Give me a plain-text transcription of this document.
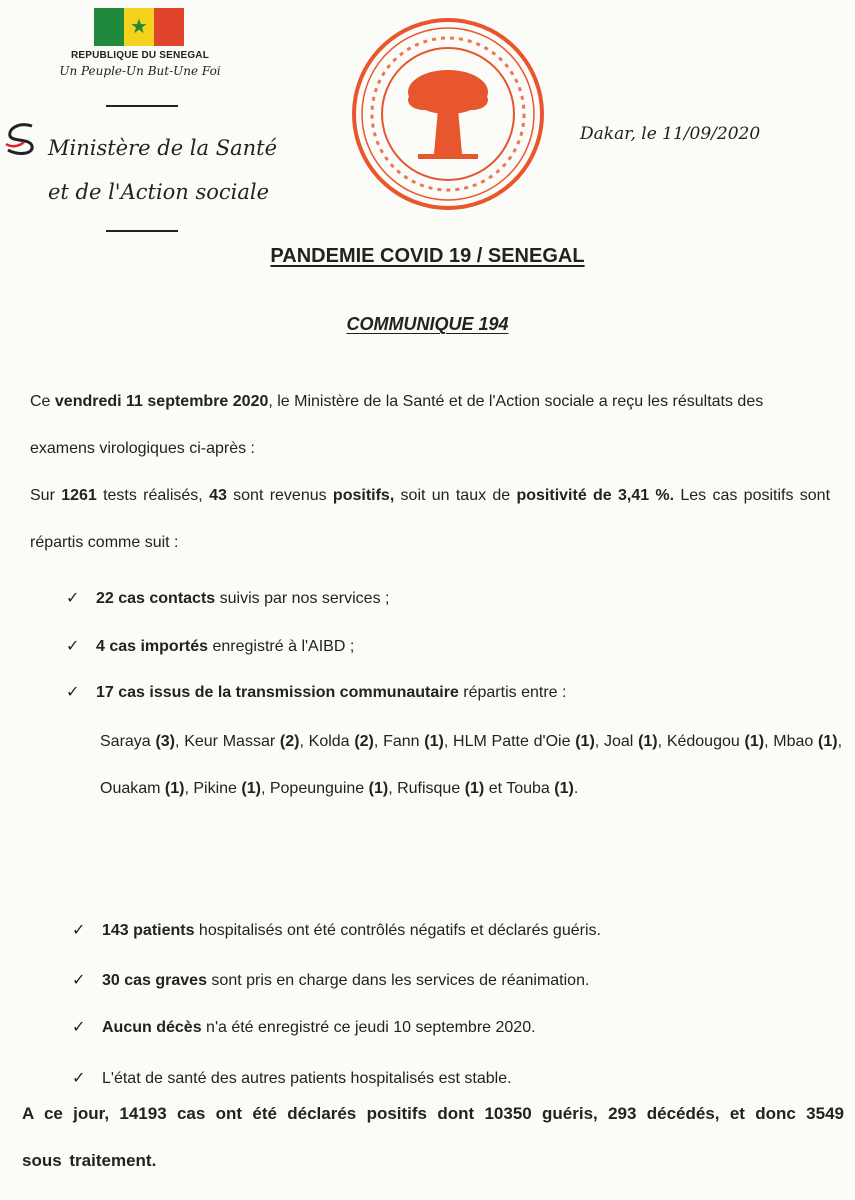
★
REPUBLIQUE DU SENEGAL
Un Peuple-Un But-Une Foi
Ministère de la Santé
et de l'Action sociale
Dakar, le 11/09/2020
PANDEMIE COVID 19 / SENEGAL
COMMUNIQUE 194
Ce vendredi 11 septembre 2020, le Ministère de la Santé et de l'Action sociale a reçu les résultats des examens virologiques ci-après :
Sur 1261 tests réalisés, 43 sont revenus positifs, soit un taux de positivité de 3,41 %. Les cas positifs sont répartis comme suit :
✓ 22 cas contacts suivis par nos services ;
✓ 4 cas importés enregistré à l'AIBD ;
✓ 17 cas issus de la transmission communautaire répartis entre :
Saraya (3), Keur Massar (2), Kolda (2), Fann (1), HLM Patte d'Oie (1), Joal (1), Kédougou (1), Mbao (1), Ouakam (1), Pikine (1), Popeunguine (1), Rufisque (1) et Touba (1).
✓ 143 patients hospitalisés ont été contrôlés négatifs et déclarés guéris.
✓ 30 cas graves sont pris en charge dans les services de réanimation.
✓ Aucun décès n'a été enregistré ce jeudi 10 septembre 2020.
✓ L'état de santé des autres patients hospitalisés est stable.
A ce jour, 14193 cas ont été déclarés positifs dont 10350 guéris, 293 décédés, et donc 3549 sous traitement.
